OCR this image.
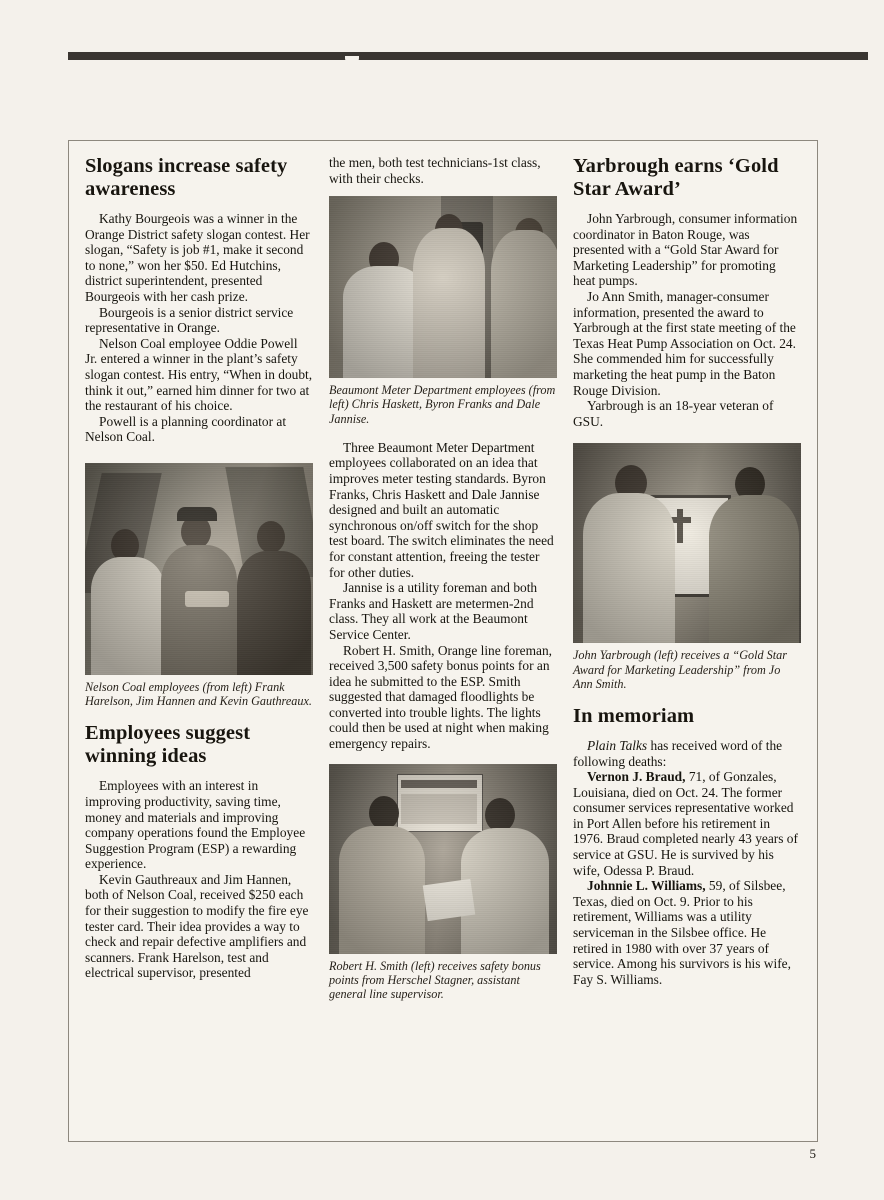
Slogans increase safety awareness

Kathy Bourgeois was a winner in the Orange District safety slogan contest. Her slogan, “Safety is job #1, make it second to none,” won her $50. Ed Hutchins, district superintendent, presented Bourgeois with her cash prize.

Bourgeois is a senior district service representative in Orange.

Nelson Coal employee Oddie Powell Jr. entered a winner in the plant’s safety slogan contest. His entry, “When in doubt, think it out,” earned him dinner for two at the restaurant of his choice.

Powell is a planning coordinator at Nelson Coal.

Nelson Coal employees (from left) Frank Harelson, Jim Hannen and Kevin Gauthreaux.

Employees suggest winning ideas

Employees with an interest in improving productivity, saving time, money and materials and improving company operations found the Employee Suggestion Program (ESP) a rewarding experience.

Kevin Gauthreaux and Jim Hannen, both of Nelson Coal, received $250 each for their suggestion to modify the fire eye tester card. Their idea provides a way to check and repair defective amplifiers and scanners. Frank Harelson, test and electrical supervisor, presented

the men, both test technicians-1st class, with their checks.

Beaumont Meter Department employees (from left) Chris Haskett, Byron Franks and Dale Jannise.

Three Beaumont Meter Department employees collaborated on an idea that improves meter testing standards. Byron Franks, Chris Haskett and Dale Jannise designed and built an automatic synchronous on/off switch for the shop test board. The switch eliminates the need for constant attention, freeing the tester for other duties.

Jannise is a utility foreman and both Franks and Haskett are metermen-2nd class. They all work at the Beaumont Service Center.

Robert H. Smith, Orange line foreman, received 3,500 safety bonus points for an idea he submitted to the ESP. Smith suggested that damaged floodlights be converted into trouble lights. The lights could then be used at night when making emergency repairs.

Robert H. Smith (left) receives safety bonus points from Herschel Stagner, assistant general line supervisor.

Yarbrough earns ‘Gold Star Award’

John Yarbrough, consumer information coordinator in Baton Rouge, was presented with a “Gold Star Award for Marketing Leadership” for promoting heat pumps.

Jo Ann Smith, manager-consumer information, presented the award to Yarbrough at the first state meeting of the Texas Heat Pump Association on Oct. 24. She commended him for successfully marketing the heat pump in the Baton Rouge Division.

Yarbrough is an 18-year veteran of GSU.

John Yarbrough (left) receives a “Gold Star Award for Marketing Leadership” from Jo Ann Smith.

In memoriam

Plain Talks has received word of the following deaths:

Vernon J. Braud, 71, of Gonzales, Louisiana, died on Oct. 24. The former consumer services representative worked in Port Allen before his retirement in 1976. Braud completed nearly 43 years of service at GSU. He is survived by his wife, Odessa P. Braud.

Johnnie L. Williams, 59, of Silsbee, Texas, died on Oct. 9. Prior to his retirement, Williams was a utility serviceman in the Silsbee office. He retired in 1980 with over 37 years of service. Among his survivors is his wife, Fay S. Williams.

5
